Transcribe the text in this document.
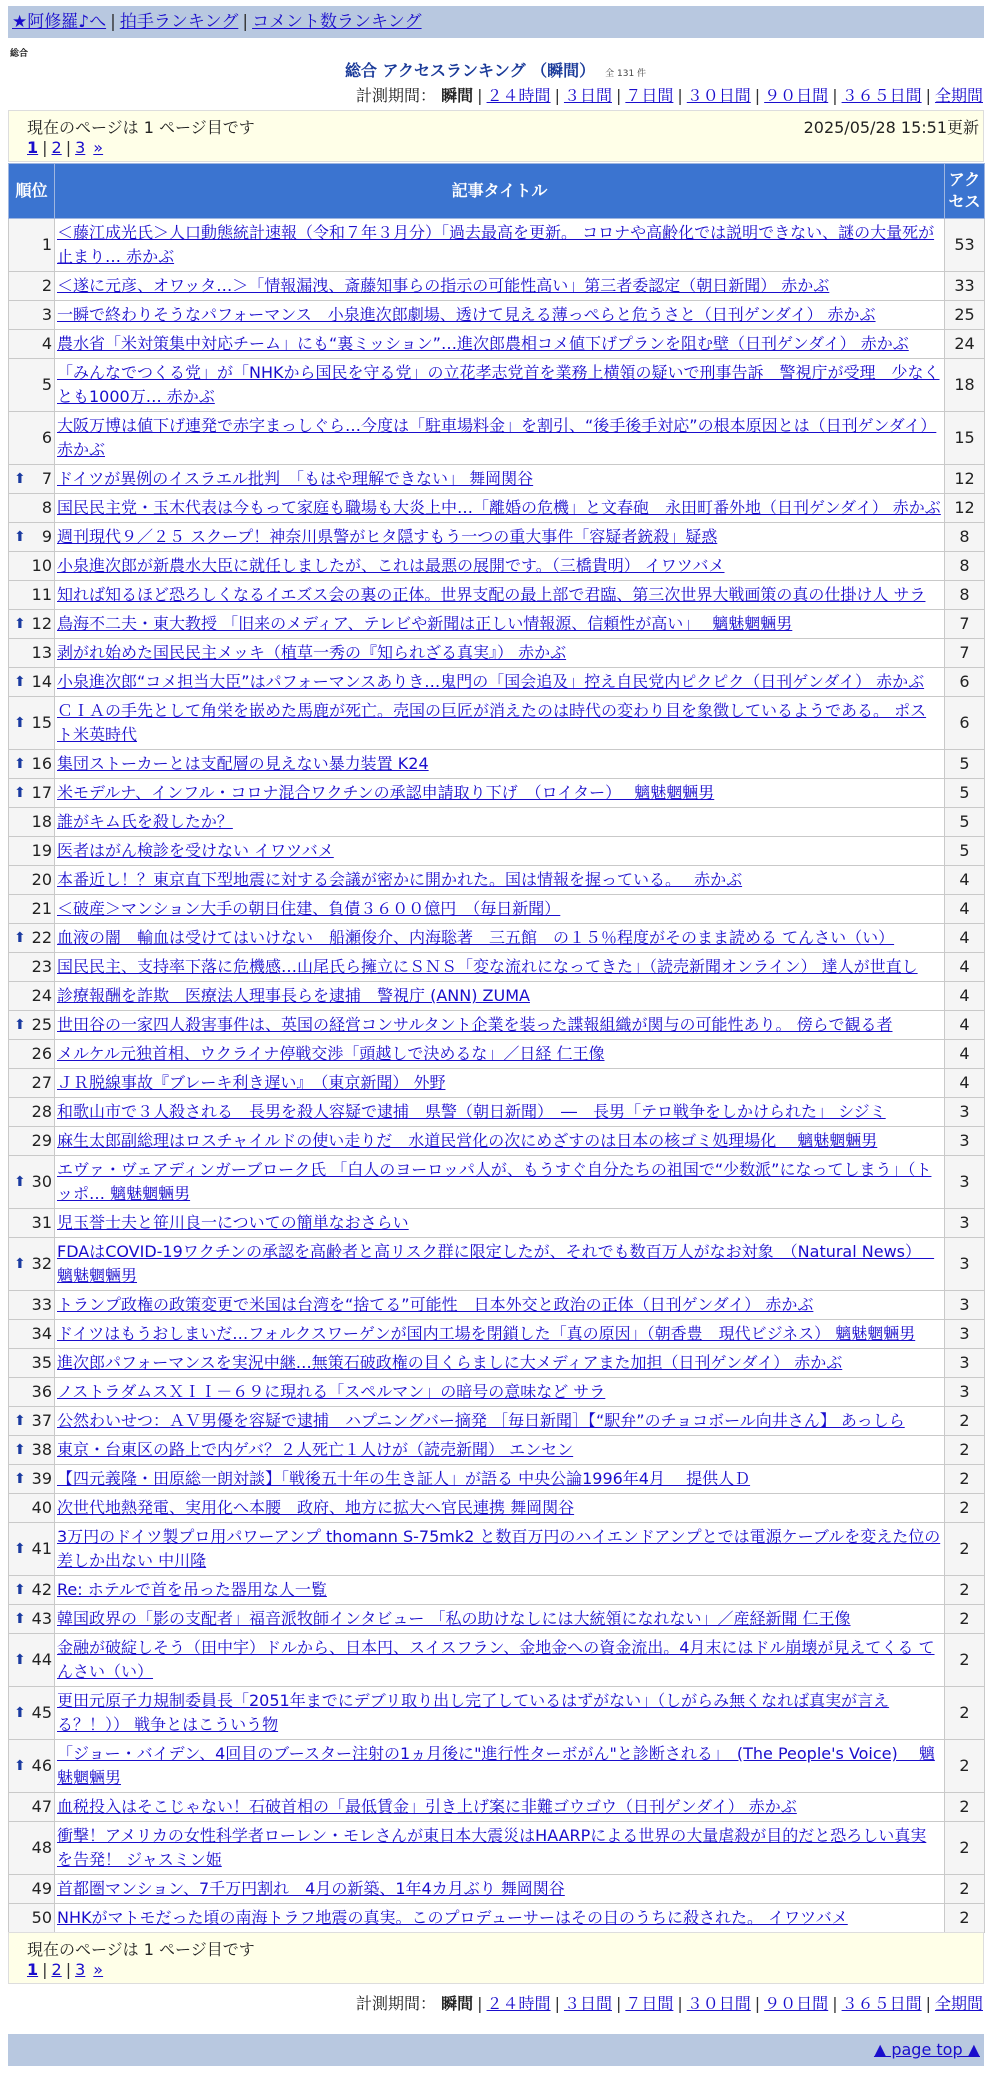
★阿修羅♪へ | 拍手ランキング | コメント数ランキング
総合
総合 アクセスランキング （瞬間） 全 131 件
計測期間： 瞬間 | ２４時間 | ３日間 | ７日間 | ３０日間 | ９０日間 | ３６５日間 | 全期間
現在のページは 1 ページ目です	2025/05/28 15:51更新
1 | 2 | 3 »
順位	記事タイトル	アクセス
1	＜藤江成光氏＞人口動態統計速報（令和７年３月分）「過去最高を更新。 コロナや高齢化では説明できない、謎の大量死が止まり… 赤かぶ	53
2	＜遂に元彦、オワッタ…＞「情報漏洩、斎藤知事らの指示の可能性高い」第三者委認定（朝日新聞） 赤かぶ	33
3	一瞬で終わりそうなパフォーマンス　小泉進次郎劇場、透けて見える薄っぺらと危うさと（日刊ゲンダイ） 赤かぶ	25
4	農水省「米対策集中対応チーム」にも“裏ミッション”…進次郎農相コメ値下げプランを阻む壁（日刊ゲンダイ） 赤かぶ	24
5	「みんなでつくる党」が「NHKから国民を守る党」の立花孝志党首を業務上横領の疑いで刑事告訴　警視庁が受理　少なくとも1000万… 赤かぶ	18
6	大阪万博は値下げ連発で赤字まっしぐら…今度は「駐車場料金」を割引、“後手後手対応”の根本原因とは（日刊ゲンダイ） 赤かぶ	15

⬆ 7	ドイツが異例のイスラエル批判　「もはや理解できない」 舞岡関谷	12
8	国民民主党・玉木代表は今もって家庭も職場も大炎上中…「離婚の危機」と文春砲　永田町番外地（日刊ゲンダイ） 赤かぶ	12

⬆ 9	週刊現代９／２５ スクープ！神奈川県警がヒタ隠すもう一つの重大事件「容疑者銃殺」疑惑	8
10	小泉進次郎が新農水大臣に就任しましたが、これは最悪の展開です。（三橋貴明） イワツバメ	8
11	知れば知るほど恐ろしくなるイエズス会の裏の正体。世界支配の最上部で君臨、第三次世界大戦画策の真の仕掛け人 サラ	8

⬆ 12	鳥海不二夫・東大教授 「旧来のメディア、テレビや新聞は正しい情報源、信頼性が高い」　 魑魅魍魎男	7
13	剥がれ始めた国民民主メッキ（植草一秀の『知られざる真実』） 赤かぶ	7

⬆ 14	小泉進次郎“コメ担当大臣”はパフォーマンスありき…鬼門の「国会追及」控え自民党内ピクピク（日刊ゲンダイ） 赤かぶ	6

⬆ 15	ＣＩＡの手先として角栄を嵌めた馬鹿が死亡。売国の巨匠が消えたのは時代の変わり目を象徴しているようである。 ポスト米英時代	6

⬆ 16	集団ストーカーとは支配層の見えない暴力装置 K24	5

⬆ 17	米モデルナ、インフル・コロナ混合ワクチンの承認申請取り下げ　（ロイター）　 魑魅魍魎男	5
18	誰がキム氏を殺したか？	5
19	医者はがん検診を受けない イワツバメ	5
20	本番近し！？東京直下型地震に対する会議が密かに開かれた。国は情報を握っている。　 赤かぶ	4
21	＜破産＞マンション大手の朝日住建、負債３６００億円　（毎日新聞）	4

⬆ 22	血液の闇　輸血は受けてはいけない　船瀬俊介、内海聡著　三五館　の１５％程度がそのまま読める てんさい（い）	4
23	国民民主、支持率下落に危機感…山尾氏ら擁立にＳＮＳ「変な流れになってきた」（読売新聞オンライン） 達人が世直し	4
24	診療報酬を詐欺　医療法人理事長らを逮捕　警視庁 (ANN) ZUMA	4

⬆ 25	世田谷の一家四人殺害事件は、英国の経営コンサルタント企業を装った諜報組織が関与の可能性あり。 傍らで観る者	4
26	メルケル元独首相、ウクライナ停戦交渉「頭越しで決めるな」／日経 仁王像	4
27	ＪＲ脱線事故『ブレーキ利き遅い』　（東京新聞） 外野	4
28	和歌山市で３人殺される　長男を殺人容疑で逮捕　県警（朝日新聞）　―　長男「テロ戦争をしかけられた」 シジミ	3
29	麻生太郎副総理はロスチャイルドの使い走りだ　水道民営化の次にめざすのは日本の核ゴミ処理場化　 魑魅魍魎男	3

⬆ 30	エヴァ・ヴェアディンガーブローク氏 「白人のヨーロッパ人が、もうすぐ自分たちの祖国で“少数派”になってしまう」（トッポ… 魑魅魍魎男	3
31	児玉誉士夫と笹川良一についての簡単なおさらい	3

⬆ 32	FDAはCOVID-19ワクチンの承認を高齢者と高リスク群に限定したが、それでも数百万人がなお対象　（Natural News）　 魑魅魍魎男	3
33	トランプ政権の政策変更で米国は台湾を“捨てる”可能性　日本外交と政治の正体（日刊ゲンダイ） 赤かぶ	3
34	ドイツはもうおしまいだ…フォルクスワーゲンが国内工場を閉鎖した「真の原因」（朝香豊　現代ビジネス） 魑魅魍魎男	3
35	進次郎パフォーマンスを実況中継…無策石破政権の目くらましに大メディアまた加担（日刊ゲンダイ） 赤かぶ	3
36	ノストラダムスＸＩＩ－６９に現れる「スペルマン」の暗号の意味など サラ	3

⬆ 37	公然わいせつ：ＡＶ男優を容疑で逮捕　ハプニングバー摘発 ［毎日新聞］【“駅弁”のチョコボール向井さん】 あっしら	2

⬆ 38	東京・台東区の路上で内ゲバ？２人死亡１人けが（読売新聞） エンセン	2

⬆ 39	【四元義隆・田原総一朗対談】「戦後五十年の生き証人」が語る 中央公論1996年4月　 提供人Ｄ	2
40	次世代地熱発電、実用化へ本腰　政府、地方に拡大へ官民連携 舞岡関谷	2

⬆ 41	3万円のドイツ製プロ用パワーアンプ thomann S-75mk2 と数百万円のハイエンドアンプとでは電源ケーブルを変えた位の差しか出ない 中川隆	2

⬆ 42	Re: ホテルで首を吊った器用な人一覧	2

⬆ 43	韓国政界の「影の支配者」福音派牧師インタビュー 「私の助けなしには大統領になれない」／産経新聞 仁王像	2

⬆ 44	金融が破綻しそう（田中宇）ドルから、日本円、スイスフラン、金地金への資金流出。4月末にはドル崩壊が見えてくる てんさい（い）	2

⬆ 45	更田元原子力規制委員長「2051年までにデブリ取り出し完了しているはずがない」（しがらみ無くなれば真実が言える？！）） 戦争とはこういう物	2

⬆ 46	「ジョー・バイデン、4回目のブースター注射の1ヵ月後に"進行性ターボがん"と診断される」　(The People's Voice)　 魑魅魍魎男	2
47	血税投入はそこじゃない！石破首相の「最低賃金」引き上げ案に非難ゴウゴウ（日刊ゲンダイ） 赤かぶ	2
48	衝撃！アメリカの女性科学者ローレン・モレさんが東日本大震災はHAARPによる世界の大量虐殺が目的だと恐ろしい真実を告発！ ジャスミン姫	2
49	首都圏マンション、7千万円割れ　4月の新築、1年4カ月ぶり 舞岡関谷	2
50	NHKがマトモだった頃の南海トラフ地震の真実。このプロデューサーはその日のうちに殺された。 イワツバメ	2
現在のページは 1 ページ目です
1 | 2 | 3 »
計測期間： 瞬間 | ２４時間 | ３日間 | ７日間 | ３０日間 | ９０日間 | ３６５日間 | 全期間
▲ page top ▲
